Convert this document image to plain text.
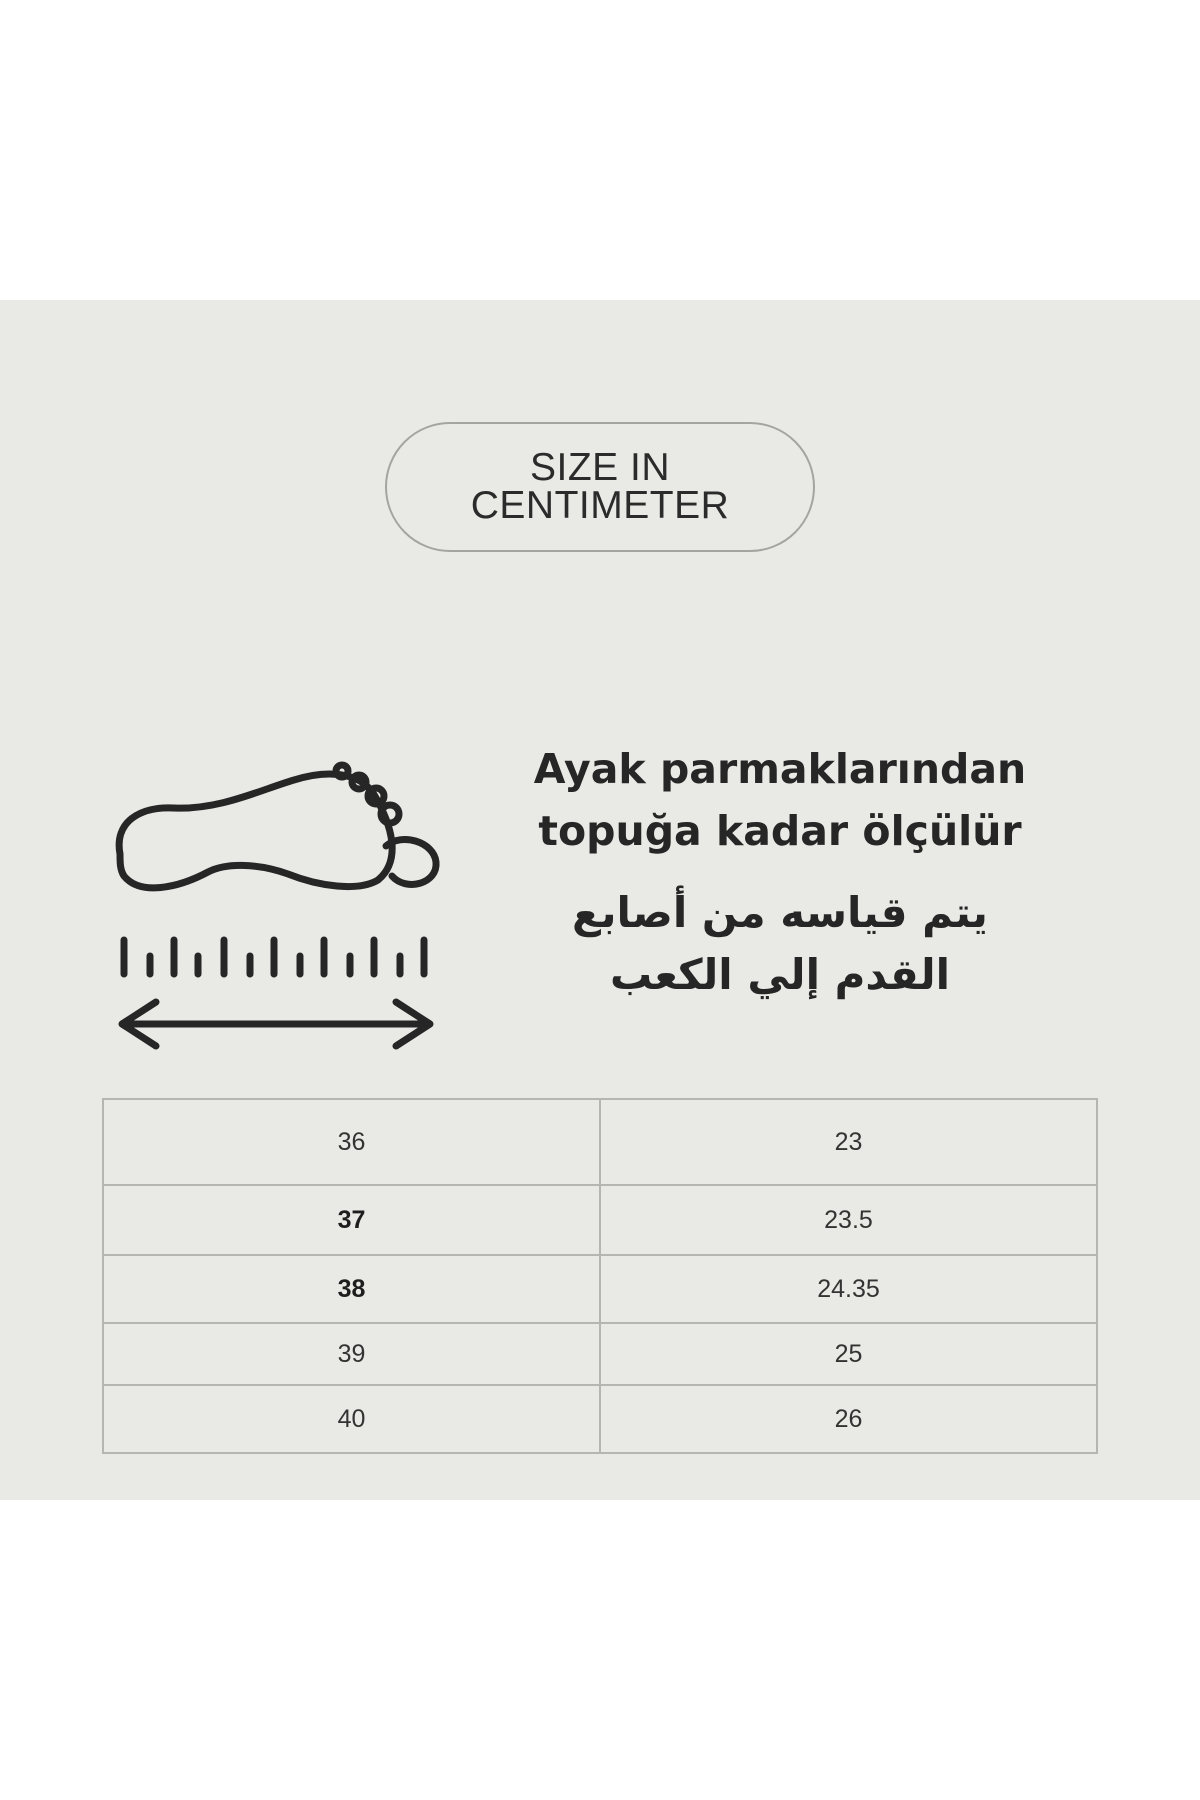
SIZE IN
CENTIMETER

Ayak parmaklarından
topuğa kadar ölçülür

يتم قياسه من أصابع
القدم إلي الكعب

36	23
37	23.5
38	24.35
39	25
40	26
